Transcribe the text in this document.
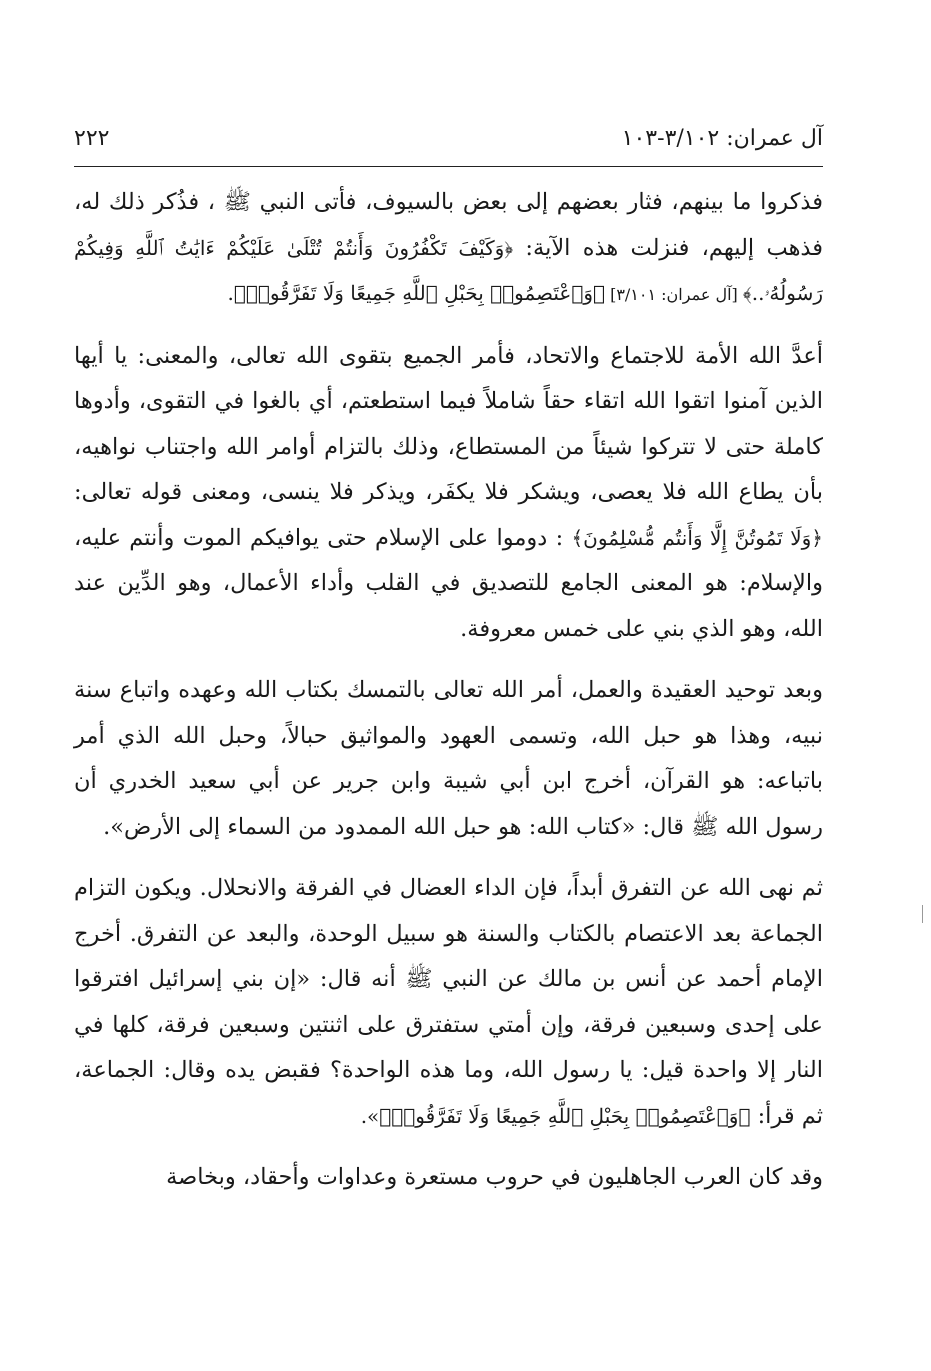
آل عمران: ٣/١٠٢-١٠٣
٢٢٢

فذكروا ما بينهم، فثار بعضهم إلى بعض بالسيوف، فأتى النبي ﷺ ، فذُكر ذلك له، فذهب إليهم، فنزلت هذه الآية: ﴿وَكَيْفَ تَكْفُرُونَ وَأَنتُمْ تُتْلَىٰ عَلَيْكُمْ ءَايَٰتُ ٱللَّهِ وَفِيكُمْ رَسُولُهُۥ..﴾ [آل عمران: ٣/١٠١] ﴿وَٱعْتَصِمُوا۟ بِحَبْلِ ٱللَّهِ جَمِيعًا وَلَا تَفَرَّقُوا۟﴾.

أعدَّ الله الأمة للاجتماع والاتحاد، فأمر الجميع بتقوى الله تعالى، والمعنى: يا أيها الذين آمنوا اتقوا الله اتقاء حقاً شاملاً فيما استطعتم، أي بالغوا في التقوى، وأدوها كاملة حتى لا تتركوا شيئاً من المستطاع، وذلك بالتزام أوامر الله واجتناب نواهيه، بأن يطاع الله فلا يعصى، ويشكر فلا يكفَر، ويذكر فلا ينسى، ومعنى قوله تعالى: ﴿وَلَا تَمُوتُنَّ إِلَّا وَأَنتُم مُّسْلِمُونَ﴾ : دوموا على الإسلام حتى يوافيكم الموت وأنتم عليه، والإسلام: هو المعنى الجامع للتصديق في القلب وأداء الأعمال، وهو الدِّين عند الله، وهو الذي بني على خمس معروفة.

وبعد توحيد العقيدة والعمل، أمر الله تعالى بالتمسك بكتاب الله وعهده واتباع سنة نبيه، وهذا هو حبل الله، وتسمى العهود والمواثيق حبالاً، وحبل الله الذي أمر باتباعه: هو القرآن، أخرج ابن أبي شيبة وابن جرير عن أبي سعيد الخدري أن رسول الله ﷺ قال: «كتاب الله: هو حبل الله الممدود من السماء إلى الأرض».

ثم نهى الله عن التفرق أبداً، فإن الداء العضال في الفرقة والانحلال. ويكون التزام الجماعة بعد الاعتصام بالكتاب والسنة هو سبيل الوحدة، والبعد عن التفرق. أخرج الإمام أحمد عن أنس بن مالك عن النبي ﷺ أنه قال: «إن بني إسرائيل افترقوا على إحدى وسبعين فرقة، وإن أمتي ستفترق على اثنتين وسبعين فرقة، كلها في النار إلا واحدة قيل: يا رسول الله، وما هذه الواحدة؟ فقبض يده وقال: الجماعة، ثم قرأ: ﴿وَٱعْتَصِمُوا۟ بِحَبْلِ ٱللَّهِ جَمِيعًا وَلَا تَفَرَّقُوا۟﴾».

وقد كان العرب الجاهليون في حروب مستعرة وعداوات وأحقاد، وبخاصة
